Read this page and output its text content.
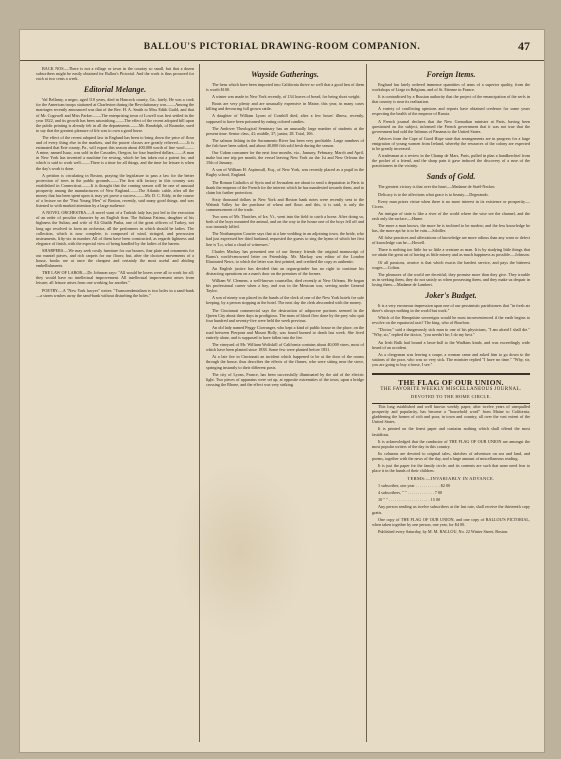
BALLOU'S PICTORIAL DRAWING-ROOM COMPANION.	47

BACK NOS.—There is not a village or town in the country so small, but that a dozen subscribers might be easily obtained for Ballou's Pictorial. And the work is thus procured for each at two cents a week.

Editorial Melange.

Val Bellamy, a negro, aged 110 years, died in Hancock county, Ga., lately. He was a cook for the American troops stationed at Charleston during the Revolutionary war.——Among the marriages recently announced was that of the Rev. H. A. Smith to Miss Edith Guild, and that of Mr. Cogswell and Miss Parker.——The enterprising town of Lowell was first settled in the year 1822, and its growth has been astonishing.——The effect of the recent adopted bill upon the public printing is already felt in all the departments.——Mr. Randolph, of Roanoke, used to say that the greatest pleasure of life was to own a good horse.

The effect of the recent adopted law in England has been to bring down the price of flour and of every thing else in the markets, and the poorer classes are greatly relieved.——It is estimated that Erie county, Pa., will export this season about 400,000 worth of fine wool.——A mine, named Isaac, was sold in the Cascades, Oregon, for four hundred dollars.——A man in New York has invented a machine for sewing, which he has taken out a patent for, and which is said to work well.——There is a time for all things, and the time for leisure is when the day's work is done.

A petition is circulating in Boston, praying the legislature to pass a law for the better protection of trees in the public grounds.——The first silk factory in this country was established in Connecticut.——It is thought that the coming season will be one of unusual prosperity among the manufacturers of New England.——The Atlantic cable, after all the money that has been spent upon it, may yet prove a success.——Mr. D. C. Eddy, in the course of a lecture on the "Fast Young Men" of Boston, recently, said many good things, and was listened to with marked attention by a large audience.

A NOVEL ORCHESTRA.—A novel want of a Turkish lady has just led to the execution of an order of peculiar character by an English firm. The Sultana Fatima, daughter of his highness the Sultan, and wife of Ali Ghalib Pasha, one of the great officers of Turkey, not long ago resolved to form an orchestra, all the performers in which should be ladies. The collection, which is now complete, is composed of wind, stringed, and percussion instruments, fifty-six in number. All of them have been constructed, as regards lightness and elegance of finish, with the especial view of being handled by the ladies of the harem.

SHARPERS.—We may seek costly furniture for our houses, fine plate and ornaments for our mantel pieces, and rich carpets for our floors; but, after the choicest movements of a house, books are at once the cheapest and certainly the most useful and abiding embellishments.

THE LAW OF LABOR.—Dr. Johnson says: "All would be losers were all to work for all; they would have no intellectual improvement. All intellectual improvement arises from leisure; all leisure arises from one working for another."

POETRY.—A "New York lawyer" writes: "Transcendentalism is two holes in a sand-bank—a storm washes away the sand-bank without disturbing the holes."

Wayside Gatherings.

The hens which have been imported into California thrive so well that a good hen of them is worth $100.

A winter was made in New York recently, of 134 loaves of bread, for being short weight.

Boats are very plenty and are unusually expensive in Maine, this year, in many cases killing and devouring full grown cattle.

A daughter of William Lyons of Cornhill died, after a few hours' illness, recently, supposed to have been poisoned by eating colored candies.

The Andover Theological Seminary has an unusually large number of students at the present time. Senior class, 41; middle, 37; junior, 28. Total, 106.

The salmon fishing in the Sacramento River has been very profitable. Large numbers of the fish have been salted, and about 40,000 fish sold fresh during the season.

Our Cuban consumer for the next four months, viz., January, February, March and April, make but one trip per month, the vessel leaving New York on the 1st and New Orleans the 15th of January.

A son of William H. Aspinwall, Esq., of New York, was recently placed as a pupil in the Rugby school, England.

The Roman Catholics of Syria and of Jerusalem are about to send a deputation to Paris to thank the emperor of the French for the interest which he has manifested towards them, and to claim his further protection.

Sixty thousand dollars in New York and Boston bank notes were recently sent to the Wabash Valley for the purchase of wheat and flour; and this, it is said, is only the commencement of the trade.

Two sons of Mr. Thatcher, of Ira, Vt., went into the field to catch a horse. After doing so, both of the boys mounted the animal, and on the way to the house one of the boys fell off and was instantly killed.

The Northampton Courier says that at a late wedding in an adjoining town, the bride, who had just expressed her third husband, requested the guests to sing the hymn of which her first line is 'Lo, what a cloud of witnesses.'

Charles Mackay has presented one of our literary friends the original manuscript of Burns's world-renowned letter on Friendship. Mr. Mackay was editor of the London Illustrated News, to which the letter was first printed, and credited the copy as authentic.

An English justice has decided that an organ-grinder has no right to continue his distracting operations on a man's door on the premises of the former.

William W. Clemens, a well-known counsellor, died recently at New Orleans. He began his professional career when a boy, and was in the Mexican war, serving under General Taylor.

A son of ninety was placed in the hands of the clerk of one of the New York hotels for safe keeping, by a person stopping at the hotel. The next day the clerk absconded with the money.

The Cincinnati commercial says the destruction of adipocere portions seemed in the Queen City about three days in prodigious. The mass of blood flow done by the prey who quit four hundred and seventy-five were held the week previous.

An old lady named Peggy Ciceranger, who kept a kind of public house in the place, on the road between Pierpont and Mount Holly, was found burned to death last week. She lived entirely alone, and is supposed to have fallen into the fire.

The vineyard of Mr. William Wolfskill of California contains about 40,000 vines, most of which have been planted since 1838. Some few were planted before 1831.

At a late fire in Cincinnati an incident which happened to be at the door of the rooms through the house, thus describes the effects of the flames, who were sitting near the stove, springing instantly to their different posts.

The city of Lyons, France, has been successfully illuminated by the aid of the electric light. Two pieces of apparatus were set up, at opposite extremities of the town, upon a bridge crossing the Rhone, and the effect was very striking.

Foreign Items.

England has lately ordered immense quantities of arms of a superior quality, from the workshops of Liege in Belgium, and of St. Etienne in France.

It is contradicted by a Russian authority that the project of the emancipation of the serfs in that country is near its realization.

A variety of conflicting opinions and reports have obtained credence for some years respecting the health of the emperor of Russia.

A French journal declares that the New Grenadian minister at Paris, having been questioned on the subject, informed the French government that it was not true that the government had sold the Isthmus of Panama to the United States.

Advices from the Cape of Good Hope state that arrangements are in progress for a large emigration of young women from Ireland, whereby the resources of the colony are expected to be greatly increased.

A tradesman at a review in the Champ de Mars, Paris, pulled in plan a handkerchief from the pocket of a friend, and the sharp pain it gave induced the discovery of a ruse of the practitioners in the vicinity.

Sands of Gold.

The greatest victory is that over the heart.—Madame de Staël-Necker.

Delicacy is to the affections what grace is to beauty.—Degerando.

Every man prizes virtue when there is no more interest in its existence or prosperity.—Cicero.

An intrigue of state is like a river of the world where the wise see the channel, and the rash only the surface.—Hume.

The more a man knows, the more he is inclined to be modest; and the less knowledge he has, the more apt he is to be vain.—Schiller.

All false practices and affectations of knowledge are more odious than any want or defect of knowledge can be.—Howell.

There is nothing too little for so little a creature as man. It is by studying little things that we attain the great art of having as little misery and as much happiness as possible.—Johnson.

Of all passions, avarice is that which exacts the hardest service, and pays the bitterest wages.—Colton.

The pleasures of the world are deceitful; they promise more than they give. They trouble us in seeking them, they do not satisfy us when possessing them, and they make us despair in losing them.—Madame de Lambert.

Joker's Budget.

It is a very erroneous impression upon one of our pessimistic parishioners that "in fresh air there's always nothing in the world but work."

Which of the Hampshire sovereigns would be most inconvenienced if the earth begins to revolve on the equatorial axis? The king, who of Bourbon.

"Doctor," said a dangerously sick man to one of his physicians, "I am afraid I shall die." "Why, sir," replied the doctor, "you needn't be; I do my best."

An Irish Bulk had bound a lawn-ball to the Wadkins kinds, and was exceedingly wide heard of an accident.

As a clergyman was leaving a coupe, a woman came and asked him to go down to the stations of the poor, who was so very sick. The minister replied "I have no time." "Why, sir, you are going to buy a horse, I see."

THE FLAG OF OUR UNION.
THE FAVORITE WEEKLY MISCELLANEOUS JOURNAL.
DEVOTED TO THE HOME CIRCLE.

This long established and well known weekly paper, after twelve years of unequalled prosperity and popularity, has become a "household word" from Maine to California, gladdening the homes of rich and poor, in town and country, all over the vast extent of the United States.

It is printed on the finest paper and contains nothing which shall offend the most fastidious.

It is acknowledged that the conductor of THE FLAG OF OUR UNION are amongst the most popular writers of the day in this country.

Its columns are devoted to original tales, sketches of adventure on sea and land, and poems, together with the news of the day, and a large amount of miscellaneous reading.

It is just the paper for the family circle, and its contents are such that none need fear to place it in the hands of their children.

TERMS:—INVARIABLY IN ADVANCE.

1 subscriber, one year . . . . . . . . . . . . $2 00

4 subscribers, " " . . . . . . . . . . . . . 7 00

10 " " . . . . . . . . . . . . . . . . . . . . 15 00

Any person sending us twelve subscribers at the last rate, shall receive the thirteenth copy gratis.

One copy of THE FLAG OF OUR UNION, and one copy of BALLOU'S PICTORIAL, when taken together by one person, one year, for $4 00.

Published every Saturday, by M. M. BALLOU, No. 22 Winter Street, Boston.
